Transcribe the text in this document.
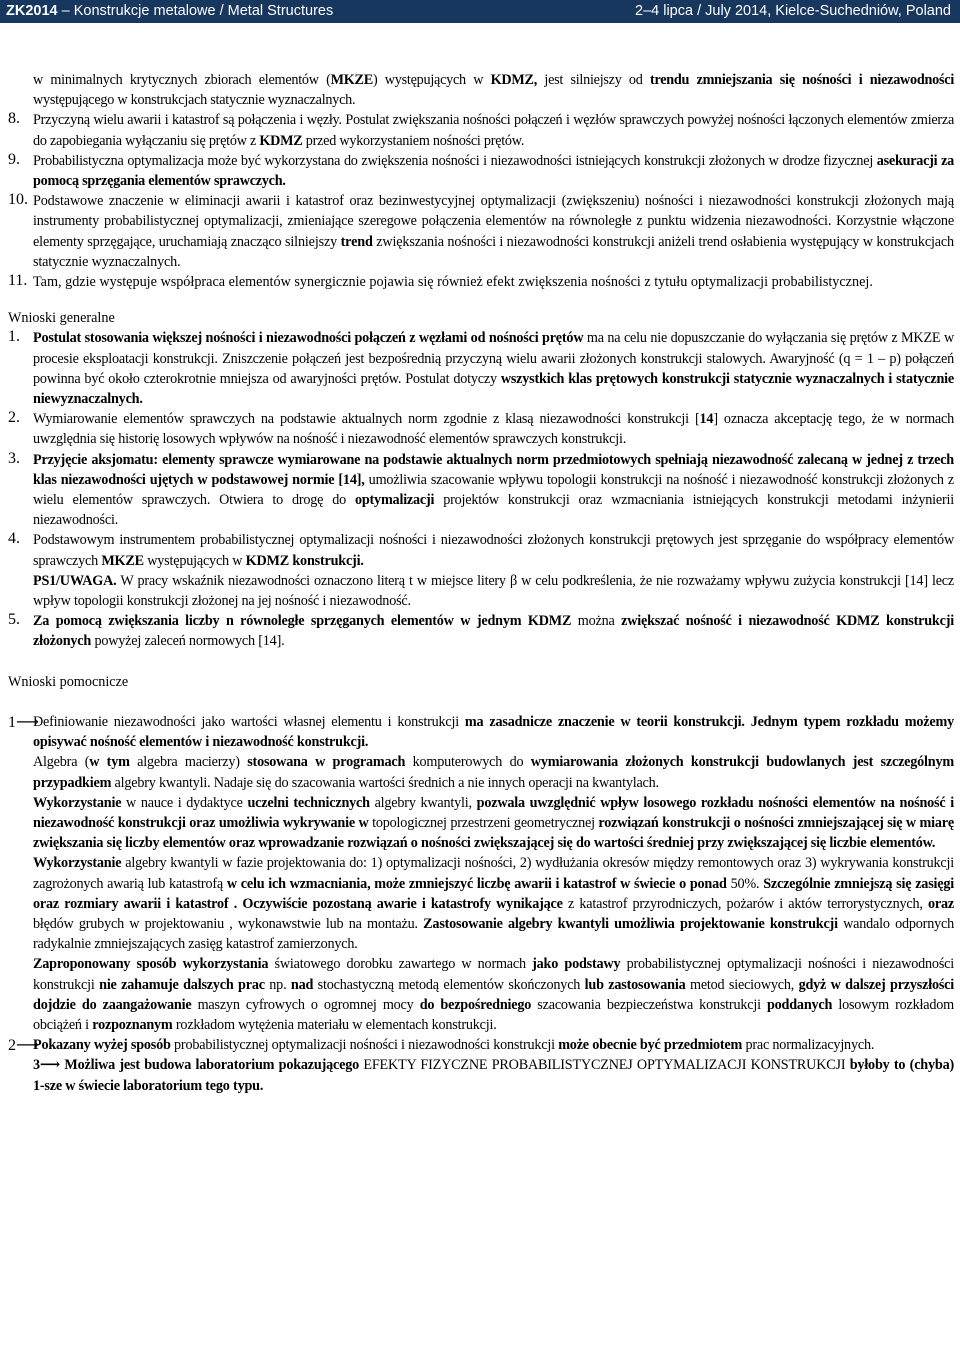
ZK2014 – Konstrukcje metalowe / Metal Structures	2–4 lipca / July 2014, Kielce-Suchedniów, Poland

w minimalnych krytycznych zbiorach elementów (MKZE) występujących w KDMZ, jest silniejszy od trendu zmniejszania się nośności i niezawodności występującego w konstrukcjach statycznie wyznaczalnych.

8. Przyczyną wielu awarii i katastrof są połączenia i węzły. Postulat zwiększania nośności połączeń i węzłów sprawczych powyżej nośności łączonych elementów zmierza do zapobiegania wyłączaniu się prętów z KDMZ przed wykorzystaniem nośności prętów.

9. Probabilistyczna optymalizacja może być wykorzystana do zwiększenia nośności i niezawodności istniejących konstrukcji złożonych w drodze fizycznej asekuracji za pomocą sprzęgania elementów sprawczych.

10. Podstawowe znaczenie w eliminacji awarii i katastrof oraz bezinwestycyjnej optymalizacji (zwiększeniu) nośności i niezawodności konstrukcji złożonych mają instrumenty probabilistycznej optymalizacji, zmieniające szeregowe połączenia elementów na równoległe z punktu widzenia niezawodności. Korzystnie włączone elementy sprzęgające, uruchamiają znacząco silniejszy trend zwiększania nośności i niezawodności konstrukcji aniżeli trend osłabienia występujący w konstrukcjach statycznie wyznaczalnych.

11. Tam, gdzie występuje współpraca elementów synergicznie pojawia się również efekt zwiększenia nośności z tytułu optymalizacji probabilistycznej.

Wnioski generalne

1. Postulat stosowania większej nośności i niezawodności połączeń z węzłami od nośności prętów ma na celu nie dopuszczanie do wyłączania się prętów z MKZE w procesie eksploatacji konstrukcji. Zniszczenie połączeń jest bezpośrednią przyczyną wielu awarii złożonych konstrukcji stalowych. Awaryjność (q = 1 – p) połączeń powinna być około czterokrotnie mniejsza od awaryjności prętów. Postulat dotyczy wszystkich klas prętowych konstrukcji statycznie wyznaczalnych i statycznie niewyznaczalnych.

2. Wymiarowanie elementów sprawczych na podstawie aktualnych norm zgodnie z klasą niezawodności konstrukcji [14] oznacza akceptację tego, że w normach uwzględnia się historię losowych wpływów na nośność i niezawodność elementów sprawczych konstrukcji.

3. Przyjęcie aksjomatu: elementy sprawcze wymiarowane na podstawie aktualnych norm przedmiotowych spełniają niezawodność zalecaną w jednej z trzech klas niezawodności ujętych w podstawowej normie [14], umożliwia szacowanie wpływu topologii konstrukcji na nośność i niezawodność konstrukcji złożonych z wielu elementów sprawczych. Otwiera to drogę do optymalizacji projektów konstrukcji oraz wzmacniania istniejących konstrukcji metodami inżynierii niezawodności.

4. Podstawowym instrumentem probabilistycznej optymalizacji nośności i niezawodności złożonych konstrukcji prętowych jest sprzęganie do współpracy elementów sprawczych MKZE występujących w KDMZ konstrukcji.

PS1/UWAGA. W pracy wskaźnik niezawodności oznaczono literą t w miejsce litery β w celu podkreślenia, że nie rozważamy wpływu zużycia konstrukcji [14] lecz wpływ topologii konstrukcji złożonej na jej nośność i niezawodność.

5. Za pomocą zwiększania liczby n równoległe sprzęganych elementów w jednym KDMZ można zwiększać nośność i niezawodność KDMZ konstrukcji złożonych powyżej zaleceń normowych [14].

Wnioski pomocnicze

1⟶

Definiowanie niezawodności jako wartości własnej elementu i konstrukcji ma zasadnicze znaczenie w teorii konstrukcji. Jednym typem rozkładu możemy opisywać nośność elementów i niezawodność konstrukcji.

Algebra (w tym algebra macierzy) stosowana w programach komputerowych do wymiarowania złożonych konstrukcji budowlanych jest szczególnym przypadkiem algebry kwantyli. Nadaje się do szacowania wartości średnich a nie innych operacji na kwantylach.

Wykorzystanie w nauce i dydaktyce uczelni technicznych algebry kwantyli, pozwala uwzględnić wpływ losowego rozkładu nośności elementów na nośność i niezawodność konstrukcji oraz umożliwia wykrywanie w topologicznej przestrzeni geometrycznej rozwiązań konstrukcji o nośności zmniejszającej się w miarę zwiększania się liczby elementów oraz wprowadzanie rozwiązań o nośności zwiększającej się do wartości średniej przy zwiększającej się liczbie elementów.

Wykorzystanie algebry kwantyli w fazie projektowania do: 1) optymalizacji nośności, 2) wydłużania okresów między remontowych oraz 3) wykrywania konstrukcji zagrożonych awarią lub katastrofą w celu ich wzmacniania, może zmniejszyć liczbę awarii i katastrof w świecie o ponad 50%. Szczególnie zmniejszą się zasięgi oraz rozmiary awarii i katastrof . Oczywiście pozostaną awarie i katastrofy wynikające z katastrof przyrodniczych, pożarów i aktów terrorystycznych, oraz błędów grubych w projektowaniu , wykonawstwie lub na montażu. Zastosowanie algebry kwantyli umożliwia projektowanie konstrukcji wandalo odpornych radykalnie zmniejszających zasięg katastrof zamierzonych.

Zaproponowany sposób wykorzystania światowego dorobku zawartego w normach jako podstawy probabilistycznej optymalizacji nośności i niezawodności konstrukcji nie zahamuje dalszych prac np. nad stochastyczną metodą elementów skończonych lub zastosowania metod sieciowych, gdyż w dalszej przyszłości dojdzie do zaangażowanie maszyn cyfrowych o ogromnej mocy do bezpośredniego szacowania bezpieczeństwa konstrukcji poddanych losowym rozkładom obciążeń i rozpoznanym rozkładom wytężenia materiału w elementach konstrukcji.

2⟶

Pokazany wyżej sposób probabilistycznej optymalizacji nośności i niezawodności konstrukcji może obecnie być przedmiotem prac normalizacyjnych.

3⟶ Możliwa jest budowa laboratorium pokazującego EFEKTY FIZYCZNE PROBABILISTYCZNEJ OPTYMALIZACJI KONSTRUKCJI byłoby to (chyba) 1-sze w świecie laboratorium tego typu.
